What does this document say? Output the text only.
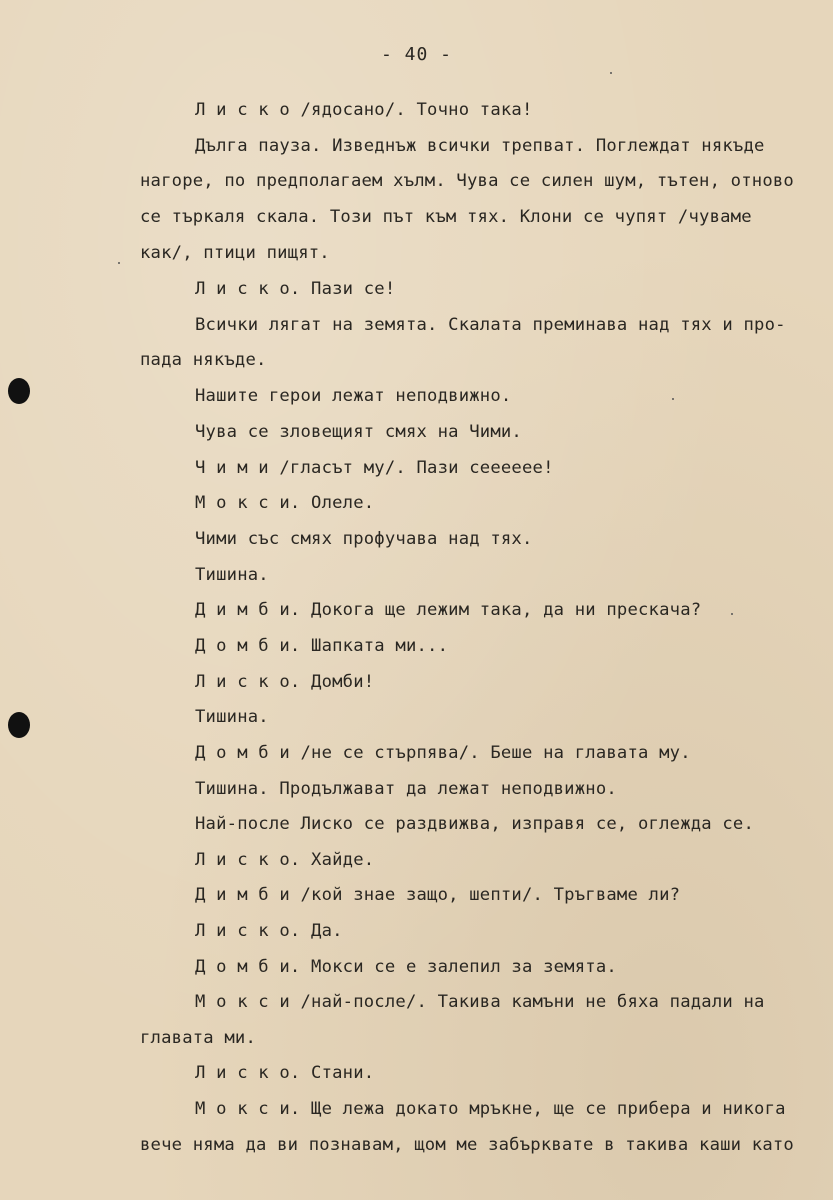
- 40 -
Л и с к о /ядосано/. Точно така!
Дълга пауза. Изведнъж всички трепват. Поглеждат някъде
нагоре, по предполагаем хълм. Чува се силен шум, тътен, отново
се търкаля скала. Този път към тях. Клони се чупят /чуваме
как/, птици пищят.
Л и с к о. Пази се!
Всички лягат на земята. Скалата преминава над тях и про-
пада някъде.
Нашите герои лежат неподвижно.
Чува се зловещият смях на Чими.
Ч и м и /гласът му/. Пази сееееее!
М о к с и. Олеле.
Чими със смях профучава над тях.
Тишина.
Д и м б и. Докога ще лежим така, да ни прескача?
Д о м б и. Шапката ми...
Л и с к о. Домби!
Тишина.
Д о м б и /не се стърпява/. Беше на главата му.
Тишина. Продължават да лежат неподвижно.
Най-после Лиско се раздвижва, изправя се, оглежда се.
Л и с к о. Хайде.
Д и м б и /кой знае защо, шепти/. Тръгваме ли?
Л и с к о. Да.
Д о м б и. Мокси се е залепил за земята.
М о к с и /най-после/. Такива камъни не бяха падали на
главата ми.
Л и с к о. Стани.
М о к с и. Ще лежа докато мръкне, ще се прибера и никога
вече няма да ви познавам, щом ме забърквате в такива каши като
